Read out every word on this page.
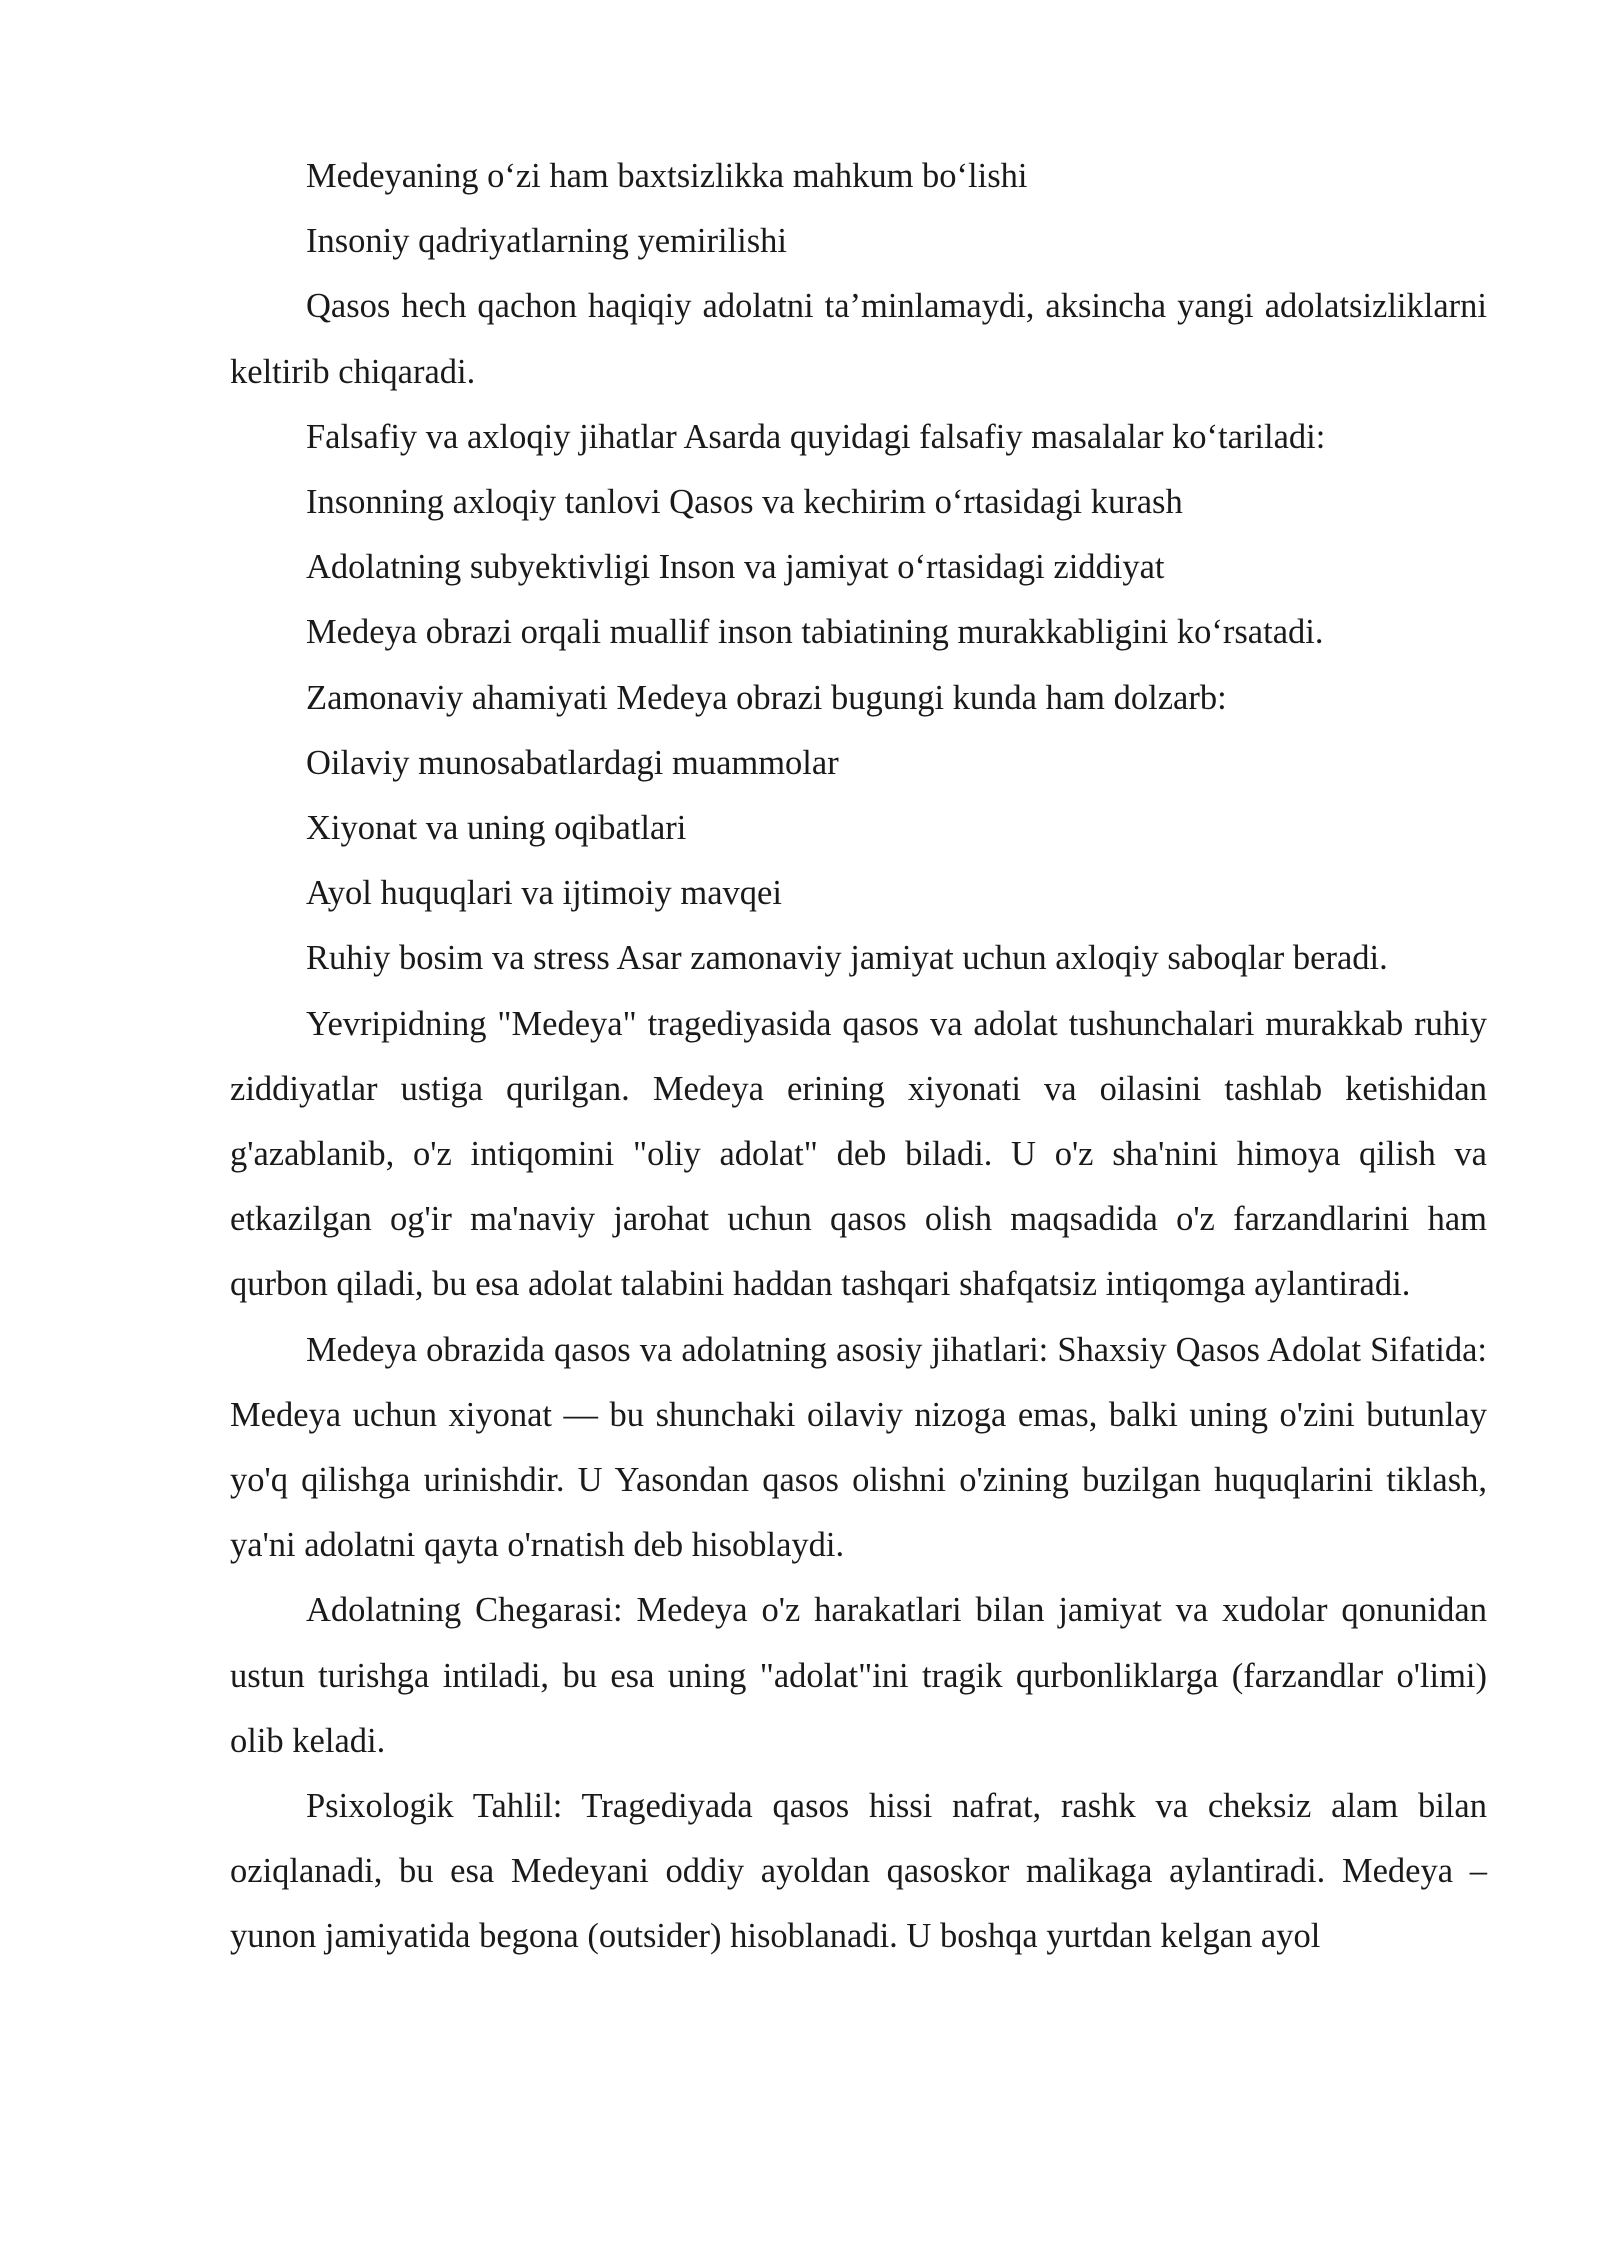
Medeyaning o‘zi ham baxtsizlikka mahkum bo‘lishi

Insoniy qadriyatlarning yemirilishi

Qasos hech qachon haqiqiy adolatni ta’minlamaydi, aksincha yangi adolatsizliklarni keltirib chiqaradi.

Falsafiy va axloqiy jihatlar Asarda quyidagi falsafiy masalalar ko‘tariladi:

Insonning axloqiy tanlovi Qasos va kechirim o‘rtasidagi kurash

Adolatning subyektivligi Inson va jamiyat o‘rtasidagi ziddiyat

Medeya obrazi orqali muallif inson tabiatining murakkabligini ko‘rsatadi.

Zamonaviy ahamiyati Medeya obrazi bugungi kunda ham dolzarb:

Oilaviy munosabatlardagi muammolar

Xiyonat va uning oqibatlari

Ayol huquqlari va ijtimoiy mavqei

Ruhiy bosim va stress Asar zamonaviy jamiyat uchun axloqiy saboqlar beradi.

Yevripidning "Medeya" tragediyasida qasos va adolat tushunchalari murakkab ruhiy ziddiyatlar ustiga qurilgan. Medeya erining xiyonati va oilasini tashlab ketishidan g'azablanib, o'z intiqomini "oliy adolat" deb biladi. U o'z sha'nini himoya qilish va etkazilgan og'ir ma'naviy jarohat uchun qasos olish maqsadida o'z farzandlarini ham qurbon qiladi, bu esa adolat talabini haddan tashqari shafqatsiz intiqomga aylantiradi.

Medeya obrazida qasos va adolatning asosiy jihatlari: Shaxsiy Qasos Adolat Sifatida: Medeya uchun xiyonat — bu shunchaki oilaviy nizoga emas, balki uning o'zini butunlay yo'q qilishga urinishdir. U Yasondan qasos olishni o'zining buzilgan huquqlarini tiklash, ya'ni adolatni qayta o'rnatish deb hisoblaydi.

Adolatning Chegarasi: Medeya o'z harakatlari bilan jamiyat va xudolar qonunidan ustun turishga intiladi, bu esa uning "adolat"ini tragik qurbonliklarga (farzandlar o'limi) olib keladi.

Psixologik Tahlil: Tragediyada qasos hissi nafrat, rashk va cheksiz alam bilan oziqlanadi, bu esa Medeyani oddiy ayoldan qasoskor malikaga aylantiradi. Medeya – yunon jamiyatida begona (outsider) hisoblanadi. U boshqa yurtdan kelgan ayol
